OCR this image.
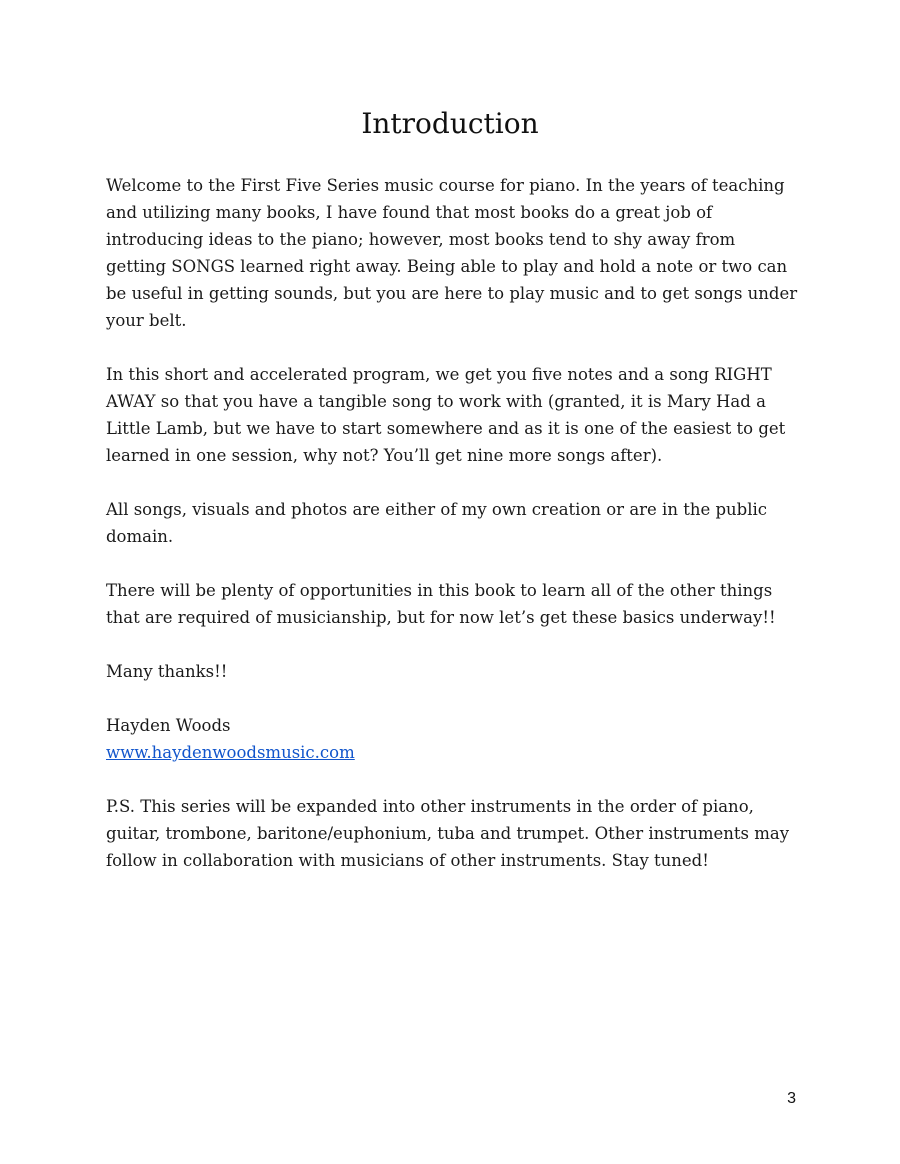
Introduction

Welcome to the First Five Series music course for piano. In the years of teaching and utilizing many books, I have found that most books do a great job of introducing ideas to the piano; however, most books tend to shy away from getting SONGS learned right away. Being able to play and hold a note or two can be useful in getting sounds, but you are here to play music and to get songs under your belt.

In this short and accelerated program, we get you five notes and a song RIGHT AWAY so that you have a tangible song to work with (granted, it is Mary Had a Little Lamb, but we have to start somewhere and as it is one of the easiest to get learned in one session, why not? You’ll get nine more songs after).

All songs, visuals and photos are either of my own creation or are in the public domain.

There will be plenty of opportunities in this book to learn all of the other things that are required of musicianship, but for now let’s get these basics underway!!

Many thanks!!

Hayden Woods

www.haydenwoodsmusic.com

P.S. This series will be expanded into other instruments in the order of piano, guitar, trombone, baritone/euphonium, tuba and trumpet. Other instruments may follow in collaboration with musicians of other instruments. Stay tuned!

3
